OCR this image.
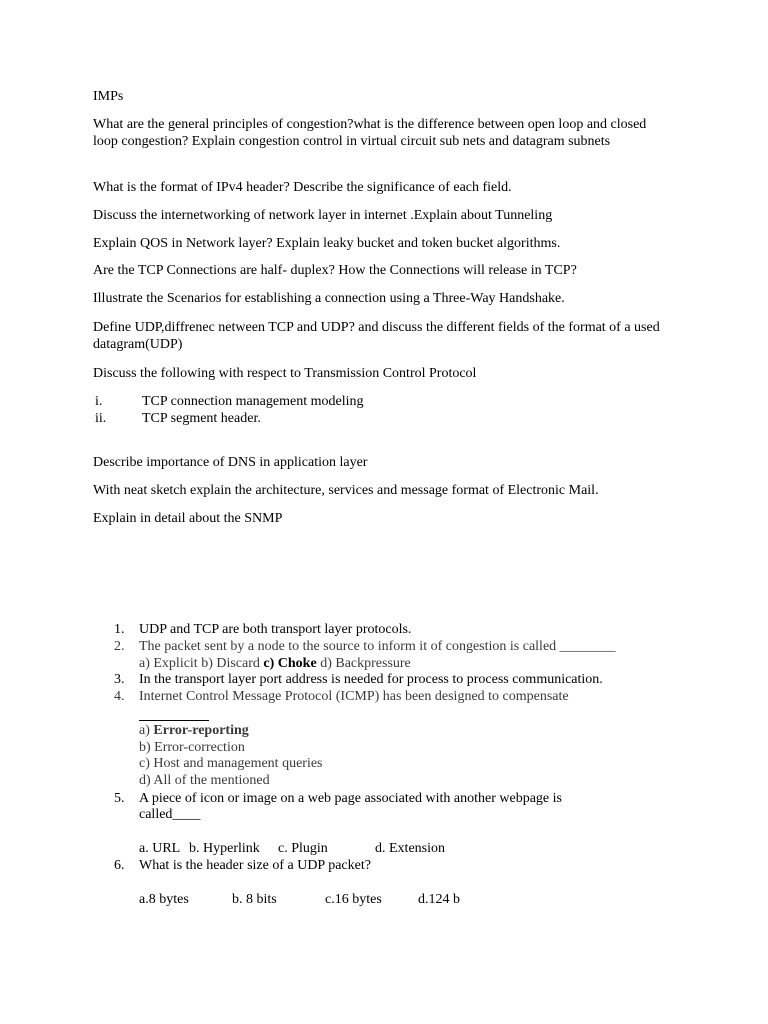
IMPs
What are the general principles of congestion?what is the difference between open loop and closed loop congestion? Explain congestion control in virtual circuit sub nets and datagram subnets
What is the format of IPv4 header? Describe the significance of each field.
Discuss the internetworking of network layer in internet .Explain about Tunneling
Explain QOS in Network layer? Explain leaky bucket and token bucket algorithms.
Are the TCP Connections are half- duplex? How the Connections will release in TCP?
Illustrate the Scenarios for establishing a connection using a Three-Way Handshake.
Define UDP,diffrenec netween TCP and UDP? and discuss the different fields of the format of a used datagram(UDP)
Discuss the following with respect to Transmission Control Protocol
i.	TCP connection management modeling
ii.	TCP segment header.
Describe importance of DNS in application layer
With neat sketch explain the architecture, services and message format of Electronic Mail.
Explain in detail about the SNMP
1. UDP and TCP are both transport layer protocols.
2. The packet sent by a node to the source to inform it of congestion is called ________
a) Explicit b) Discard c) Choke d) Backpressure
3. In the transport layer port address is needed for process to process communication.
4. Internet Control Message Protocol (ICMP) has been designed to compensate
a) Error-reporting
b) Error-correction
c) Host and management queries
d) All of the mentioned
5. A piece of icon or image on a web page associated with another webpage is
called____
a. URL b. Hyperlink c. Plugin	d. Extension
6. What is the header size of a UDP packet?
a.8 bytes	b. 8 bits	c.16 bytes	d.124 b
